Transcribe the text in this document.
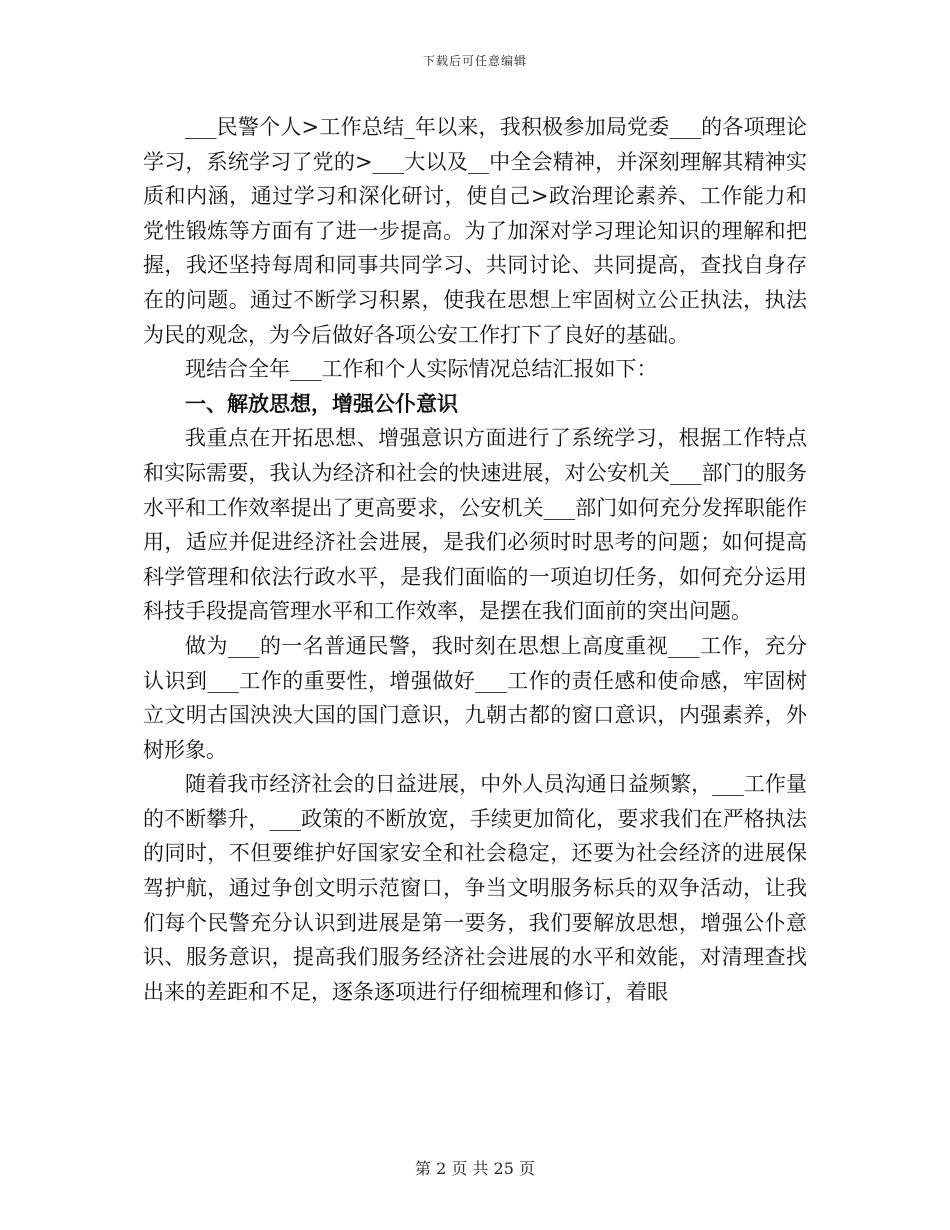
下载后可任意编辑

___民警个人>工作总结_年以来，我积极参加局党委___的各项理论学习，系统学习了党的>___大以及__中全会精神，并深刻理解其精神实质和内涵，通过学习和深化研讨，使自己>政治理论素养、工作能力和党性锻炼等方面有了进一步提高。为了加深对学习理论知识的理解和把握，我还坚持每周和同事共同学习、共同讨论、共同提高，查找自身存在的问题。通过不断学习积累，使我在思想上牢固树立公正执法，执法为民的观念，为今后做好各项公安工作打下了良好的基础。

现结合全年___工作和个人实际情况总结汇报如下：

一、解放思想，增强公仆意识

我重点在开拓思想、增强意识方面进行了系统学习，根据工作特点和实际需要，我认为经济和社会的快速进展，对公安机关___部门的服务水平和工作效率提出了更高要求，公安机关___部门如何充分发挥职能作用，适应并促进经济社会进展，是我们必须时时思考的问题；如何提高科学管理和依法行政水平，是我们面临的一项迫切任务，如何充分运用科技手段提高管理水平和工作效率，是摆在我们面前的突出问题。

做为___的一名普通民警，我时刻在思想上高度重视___工作，充分认识到___工作的重要性，增强做好___工作的责任感和使命感，牢固树立文明古国泱泱大国的国门意识，九朝古都的窗口意识，内强素养，外树形象。

随着我市经济社会的日益进展，中外人员沟通日益频繁，___工作量的不断攀升，___政策的不断放宽，手续更加简化，要求我们在严格执法的同时，不但要维护好国家安全和社会稳定，还要为社会经济的进展保驾护航，通过争创文明示范窗口，争当文明服务标兵的双争活动，让我们每个民警充分认识到进展是第一要务，我们要解放思想，增强公仆意识、服务意识，提高我们服务经济社会进展的水平和效能，对清理查找出来的差距和不足，逐条逐项进行仔细梳理和修订，着眼

第 2 页 共 25 页
